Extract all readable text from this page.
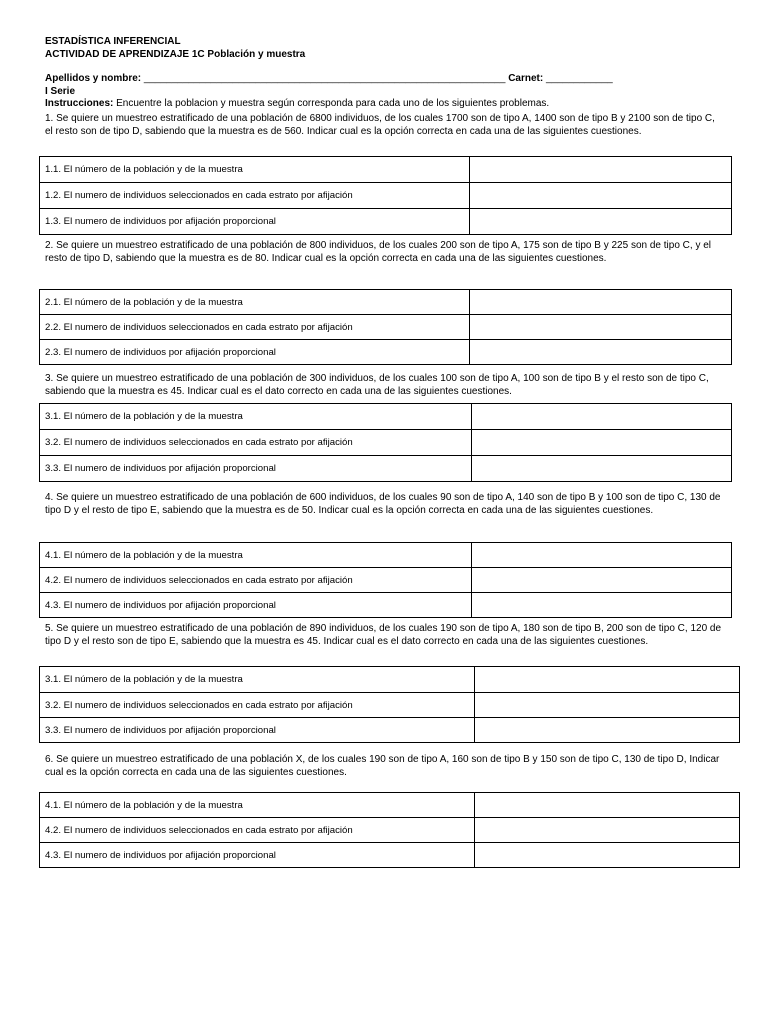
ESTADÍSTICA INFERENCIAL
ACTIVIDAD DE APRENDIZAJE 1C Población y muestra
Apellidos y nombre: _________________________________________________________________ Carnet: ____________
I Serie
Instrucciones: Encuentre la poblacion y muestra según corresponda para cada uno de los siguientes problemas.
1. Se quiere un muestreo estratificado de una población de 6800 individuos, de los cuales 1700 son de tipo A, 1400 son de tipo B y 2100 son de tipo C, el resto son de tipo D, sabiendo que la muestra es de 560. Indicar cual es la opción correcta en cada una de las siguientes cuestiones.
1.1. El número de la población y de la muestra	
1.2. El numero de individuos seleccionados en cada estrato por afijación	
1.3. El numero de individuos por afijación proporcional	
2. Se quiere un muestreo estratificado de una población de 800 individuos, de los cuales 200 son de tipo A, 175 son de tipo B y 225 son de tipo C, y el resto de tipo D, sabiendo que la muestra es de 80. Indicar cual es la opción correcta en cada una de las siguientes cuestiones.
2.1. El número de la población y de la muestra	
2.2. El numero de individuos seleccionados en cada estrato por afijación	
2.3. El numero de individuos por afijación proporcional	
3. Se quiere un muestreo estratificado de una población de 300 individuos, de los cuales 100 son de tipo A, 100 son de tipo B y el resto son de tipo C, sabiendo que la muestra es 45. Indicar cual es el dato correcto en cada una de las siguientes cuestiones.
3.1. El número de la población y de la muestra	
3.2. El numero de individuos seleccionados en cada estrato por afijación	
3.3. El numero de individuos por afijación proporcional	
4. Se quiere un muestreo estratificado de una población de 600 individuos, de los cuales 90 son de tipo A, 140 son de tipo B y 100 son de tipo C, 130 de tipo D y el resto de tipo E, sabiendo que la muestra es de 50. Indicar cual es la opción correcta en cada una de las siguientes cuestiones.
4.1. El número de la población y de la muestra	
4.2. El numero de individuos seleccionados en cada estrato por afijación	
4.3. El numero de individuos por afijación proporcional	
5. Se quiere un muestreo estratificado de una población de 890 individuos, de los cuales 190 son de tipo A, 180 son de tipo B, 200 son de tipo C, 120 de tipo D y el resto son de tipo E, sabiendo que la muestra es 45. Indicar cual es el dato correcto en cada una de las siguientes cuestiones.
3.1. El número de la población y de la muestra	
3.2. El numero de individuos seleccionados en cada estrato por afijación	
3.3. El numero de individuos por afijación proporcional	
6. Se quiere un muestreo estratificado de una población X, de los cuales 190 son de tipo A, 160 son de tipo B y 150 son de tipo C, 130 de tipo D, Indicar cual es la opción correcta en cada una de las siguientes cuestiones.
4.1. El número de la población y de la muestra	
4.2. El numero de individuos seleccionados en cada estrato por afijación	
4.3. El numero de individuos por afijación proporcional	
